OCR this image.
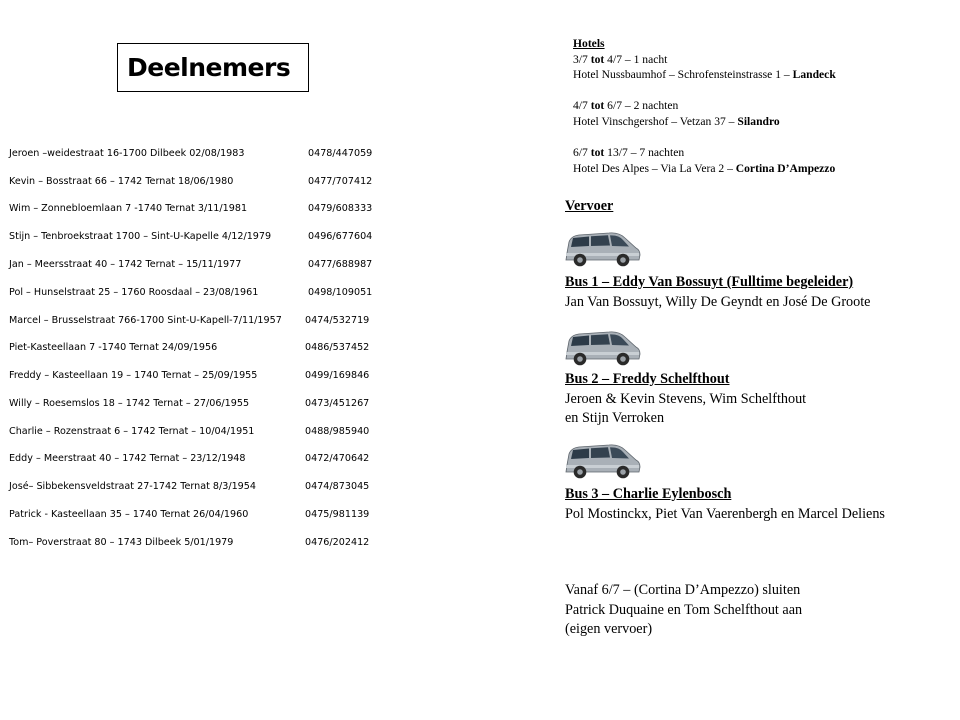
Deelnemers
Jeroen –weidestraat 16-1700 Dilbeek 02/08/1983	0478/447059
Kevin – Bosstraat 66 – 1742 Ternat 18/06/1980	0477/707412
Wim – Zonnebloemlaan 7 -1740 Ternat 3/11/1981	0479/608333
Stijn – Tenbroekstraat 1700 – Sint-U-Kapelle 4/12/1979	0496/677604
Jan – Meersstraat 40 – 1742 Ternat – 15/11/1977	0477/688987
Pol – Hunselstraat 25 – 1760 Roosdaal – 23/08/1961	0498/109051
Marcel – Brusselstraat 766-1700 Sint-U-Kapell-7/11/1957 0474/532719
Piet-Kasteellaan 7 -1740 Ternat 24/09/1956	0486/537452
Freddy – Kasteellaan 19 – 1740 Ternat – 25/09/1955	0499/169846
Willy – Roesemslos 18 – 1742 Ternat – 27/06/1955	0473/451267
Charlie – Rozenstraat 6 – 1742 Ternat – 10/04/1951	0488/985940
Eddy – Meerstraat 40 – 1742 Ternat – 23/12/1948	0472/470642
José– Sibbekensveldstraat 27-1742 Ternat 8/3/1954	0474/873045
Patrick - Kasteellaan 35 – 1740 Ternat 26/04/1960	0475/981139
Tom– Poverstraat 80 – 1743 Dilbeek 5/01/1979	0476/202412
Hotels
3/7 tot 4/7 – 1 nacht
Hotel Nussbaumhof – Schrofensteinstrasse 1 – Landeck
4/7 tot 6/7 – 2 nachten
Hotel Vinschgershof – Vetzan 37 – Silandro
6/7 tot 13/7 – 7 nachten
Hotel Des Alpes – Via La Vera 2 – Cortina D’Ampezzo
Vervoer
Bus 1 – Eddy Van Bossuyt (Fulltime begeleider)
Jan Van Bossuyt, Willy De Geyndt en José De Groote
Bus 2 – Freddy Schelfthout
Jeroen & Kevin Stevens, Wim Schelfthout
en Stijn Verroken
Bus 3 – Charlie Eylenbosch
Pol Mostinckx, Piet Van Vaerenbergh en Marcel Deliens
Vanaf 6/7 – (Cortina D’Ampezzo) sluiten
Patrick Duquaine en Tom Schelfthout aan
(eigen vervoer)
